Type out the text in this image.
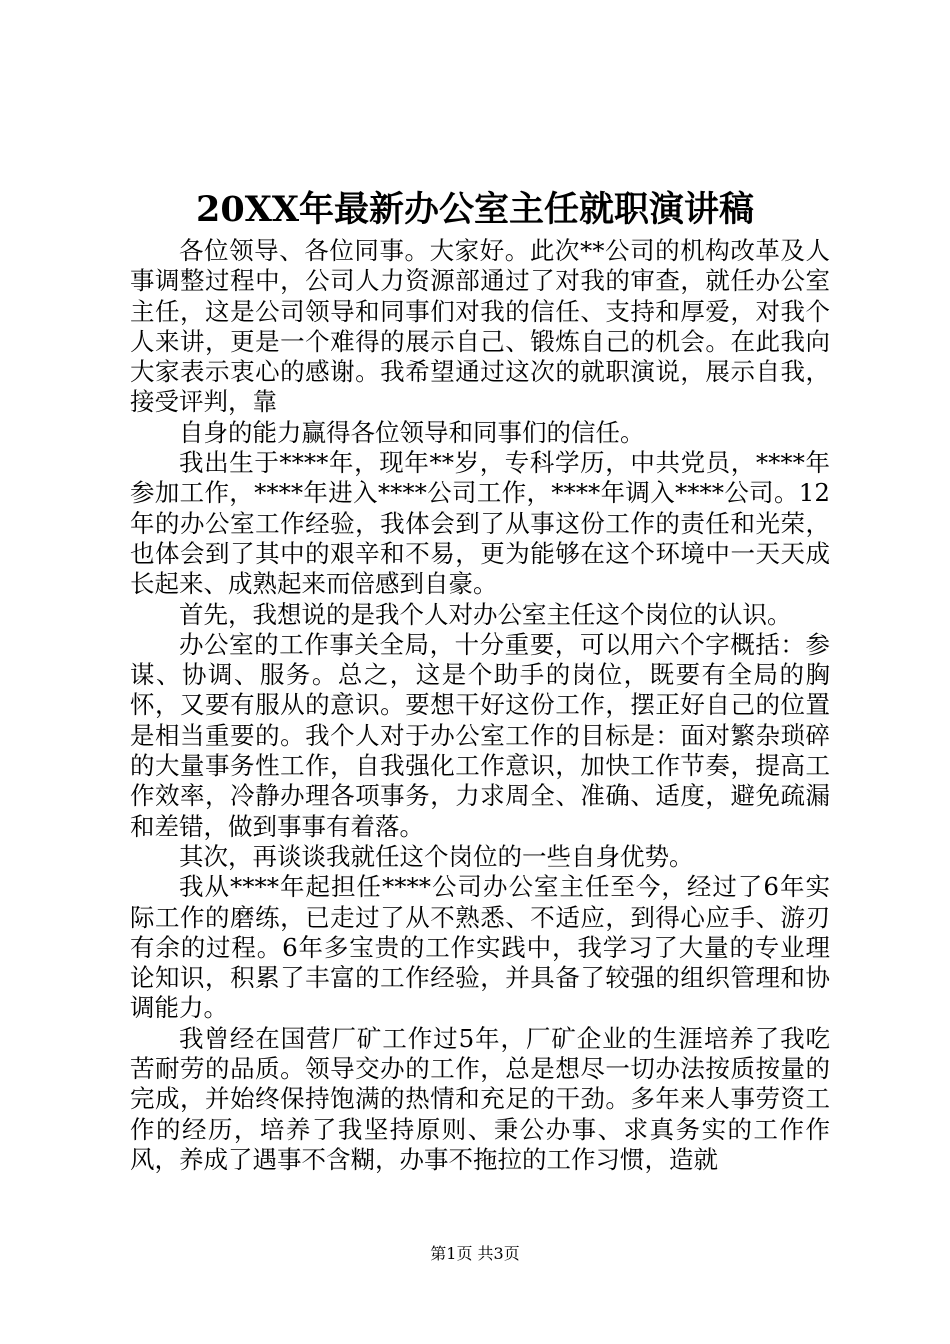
20XX年最新办公室主任就职演讲稿

各位领导、各位同事。大家好。此次**公司的机构改革及人事调整过程中，公司人力资源部通过了对我的审查，就任办公室主任，这是公司领导和同事们对我的信任、支持和厚爱，对我个人来讲，更是一个难得的展示自己、锻炼自己的机会。在此我向大家表示衷心的感谢。我希望通过这次的就职演说，展示自我，接受评判，靠

自身的能力赢得各位领导和同事们的信任。

我出生于****年，现年**岁，专科学历，中共党员，****年参加工作，****年进入****公司工作，****年调入****公司。12年的办公室工作经验，我体会到了从事这份工作的责任和光荣，也体会到了其中的艰辛和不易，更为能够在这个环境中一天天成长起来、成熟起来而倍感到自豪。

首先，我想说的是我个人对办公室主任这个岗位的认识。

办公室的工作事关全局，十分重要，可以用六个字概括：参谋、协调、服务。总之，这是个助手的岗位，既要有全局的胸怀，又要有服从的意识。要想干好这份工作，摆正好自己的位置是相当重要的。我个人对于办公室工作的目标是：面对繁杂琐碎的大量事务性工作，自我强化工作意识，加快工作节奏，提高工作效率，冷静办理各项事务，力求周全、准确、适度，避免疏漏和差错，做到事事有着落。

其次，再谈谈我就任这个岗位的一些自身优势。

我从****年起担任****公司办公室主任至今，经过了6年实际工作的磨练，已走过了从不熟悉、不适应，到得心应手、游刃有余的过程。6年多宝贵的工作实践中，我学习了大量的专业理论知识，积累了丰富的工作经验，并具备了较强的组织管理和协调能力。

我曾经在国营厂矿工作过5年，厂矿企业的生涯培养了我吃苦耐劳的品质。领导交办的工作，总是想尽一切办法按质按量的完成，并始终保持饱满的热情和充足的干劲。多年来人事劳资工作的经历，培养了我坚持原则、秉公办事、求真务实的工作作风，养成了遇事不含糊，办事不拖拉的工作习惯，造就

第1页 共3页
